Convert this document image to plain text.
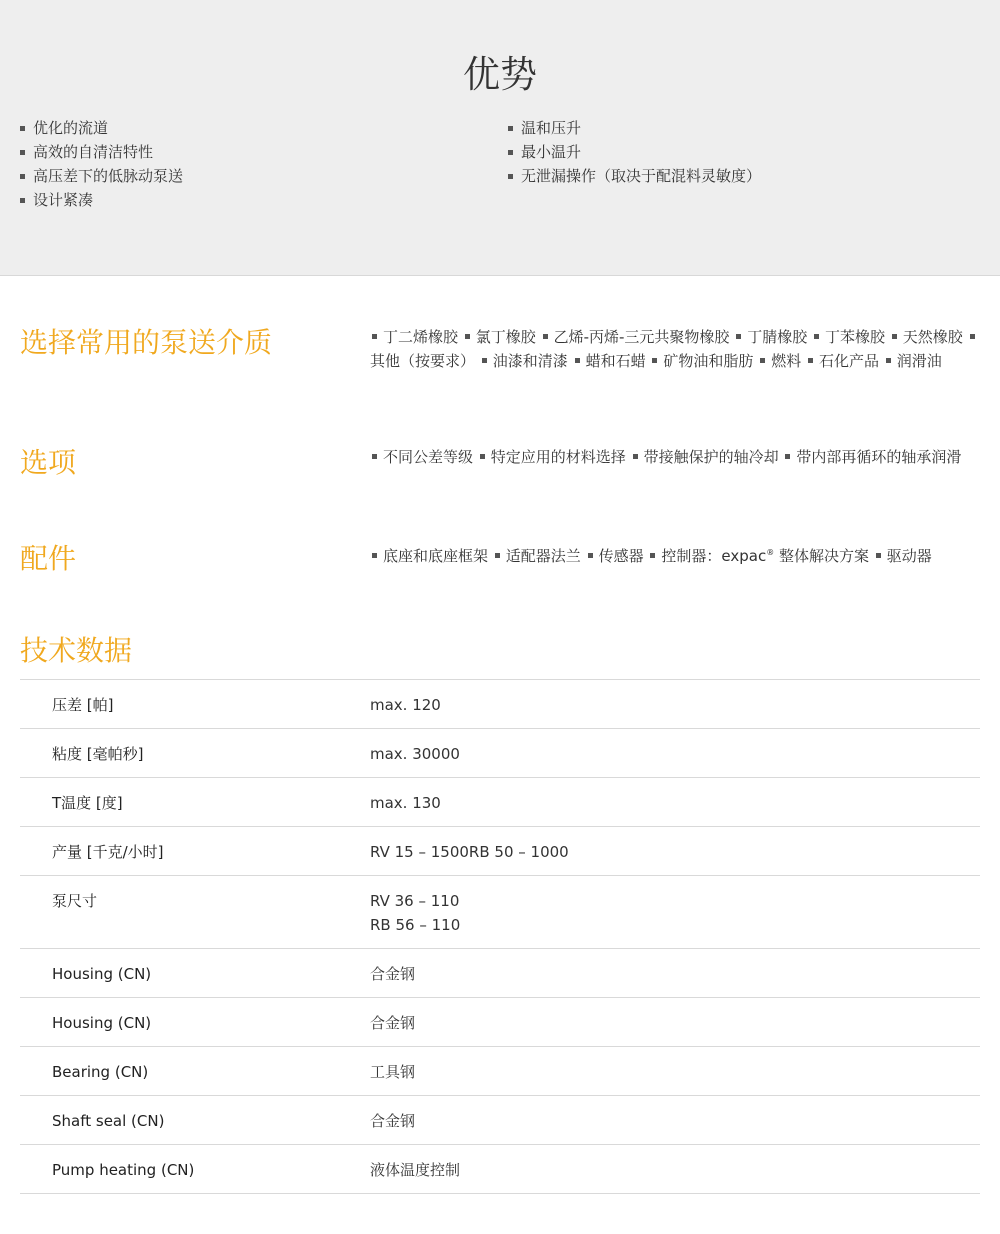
优势
优化的流道
高效的自清洁特性
高压差下的低脉动泵送
设计紧凑
温和压升
最小温升
无泄漏操作（取决于配混料灵敏度）
选择常用的泵送介质	丁二烯橡胶 氯丁橡胶 乙烯-丙烯-三元共聚物橡胶 丁腈橡胶 丁苯橡胶 天然橡胶 其他（按要求） 油漆和清漆 蜡和石蜡 矿物油和脂肪 燃料 石化产品 润滑油
选项	不同公差等级 特定应用的材料选择 带接触保护的轴冷却 带内部再循环的轴承润滑
配件	底座和底座框架 适配器法兰 传感器 控制器：expac® 整体解决方案 驱动器
技术数据
压差 [帕]	max. 120
粘度 [毫帕秒]	max. 30000
T温度 [度]	max. 130
产量 [千克/小时]	RV 15 – 1500RB 50 – 1000
泵尺寸	RV 36 – 110
RB 56 – 110
Housing (CN)	合金钢
Housing (CN)	合金钢
Bearing (CN)	工具钢
Shaft seal (CN)	合金钢
Pump heating (CN)	液体温度控制
